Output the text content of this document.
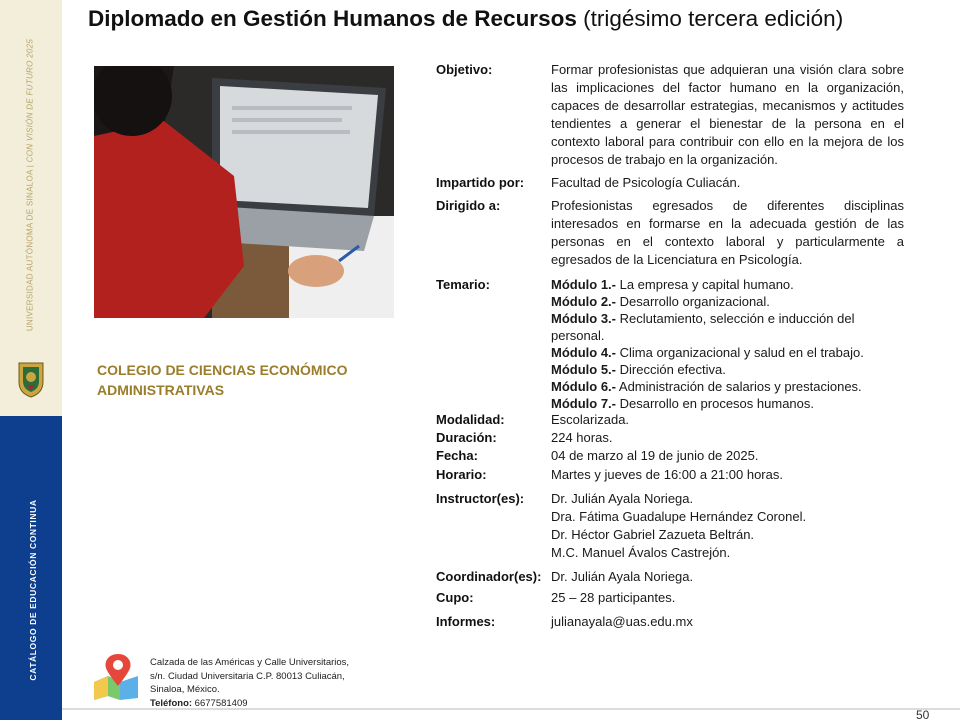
UNIVERSIDAD AUTÓNOMA DE SINALOA | CON VISIÓN DE FUTURO 2025
CATÁLOGO DE EDUCACIÓN CONTINUA
Diplomado en Gestión Humanos de Recursos (trigésimo tercera edición)
COLEGIO DE CIENCIAS ECONÓMICO ADMINISTRATIVAS
Objetivo:	Formar profesionistas que adquieran una visión clara sobre las implicaciones del factor humano en la organización, capaces de desarrollar estrategias, mecanismos y actitudes tendientes a generar el bienestar de la persona en el contexto laboral para contribuir con ello en la mejora de los procesos de trabajo en la organización.
Impartido por: Facultad de Psicología Culiacán.
Dirigido a:	Profesionistas egresados de diferentes disciplinas interesados en formarse en la adecuada gestión de las personas en el contexto laboral y particularmente a egresados de la Licenciatura en Psicología.
Temario:	Módulo 1.- La empresa y capital humano.
Módulo 2.- Desarrollo organizacional.
Módulo 3.- Reclutamiento, selección e inducción del personal.
Módulo 4.- Clima organizacional y salud en el trabajo.
Módulo 5.- Dirección efectiva.
Módulo 6.- Administración de salarios y prestaciones.
Módulo 7.- Desarrollo en procesos humanos.
Modalidad:	Escolarizada.
Duración:	224 horas.
Fecha:	04 de marzo al 19 de junio de 2025.
Horario:	Martes y jueves de 16:00 a 21:00 horas.
Instructor(es): Dr. Julián Ayala Noriega.
Dra. Fátima Guadalupe Hernández Coronel.
Dr. Héctor Gabriel Zazueta Beltrán.
M.C. Manuel Ávalos Castrejón.
Coordinador(es): Dr. Julián Ayala Noriega.
Cupo:	25 – 28 participantes.
Informes:	julianayala@uas.edu.mx
Calzada de las Américas y Calle Universitarios,
s/n. Ciudad Universitaria C.P. 80013 Culiacán,
Sinaloa, México.
Teléfono: 6677581409
50
